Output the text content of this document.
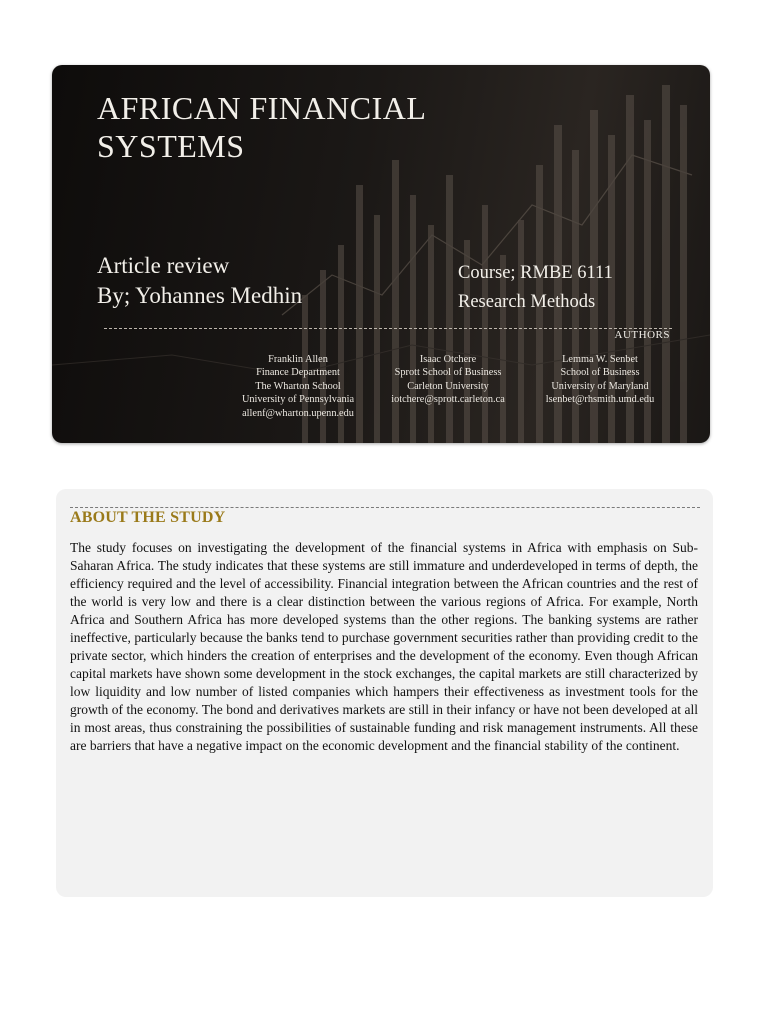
AFRICAN FINANCIAL
SYSTEMS
Article review
By; Yohannes Medhin
Course; RMBE 6111
Research Methods
AUTHORS
Franklin Allen
Finance Department
The Wharton School
University of Pennsylvania
allenf@wharton.upenn.edu
Isaac Otchere
Sprott School of Business
Carleton University
iotchere@sprott.carleton.ca
Lemma W. Senbet
School of Business
University of Maryland
lsenbet@rhsmith.umd.edu
ABOUT THE STUDY

The study focuses on investigating the development of the financial systems in Africa with emphasis on Sub-Saharan Africa. The study indicates that these systems are still immature and underdeveloped in terms of depth, the efficiency required and the level of accessibility. Financial integration between the African countries and the rest of the world is very low and there is a clear distinction between the various regions of Africa. For example, North Africa and Southern Africa has more developed systems than the other regions. The banking systems are rather ineffective, particularly because the banks tend to purchase government securities rather than providing credit to the private sector, which hinders the creation of enterprises and the development of the economy. Even though African capital markets have shown some development in the stock exchanges, the capital markets are still characterized by low liquidity and low number of listed companies which hampers their effectiveness as investment tools for the growth of the economy. The bond and derivatives markets are still in their infancy or have not been developed at all in most areas, thus constraining the possibilities of sustainable funding and risk management instruments. All these are barriers that have a negative impact on the economic development and the financial stability of the continent.
